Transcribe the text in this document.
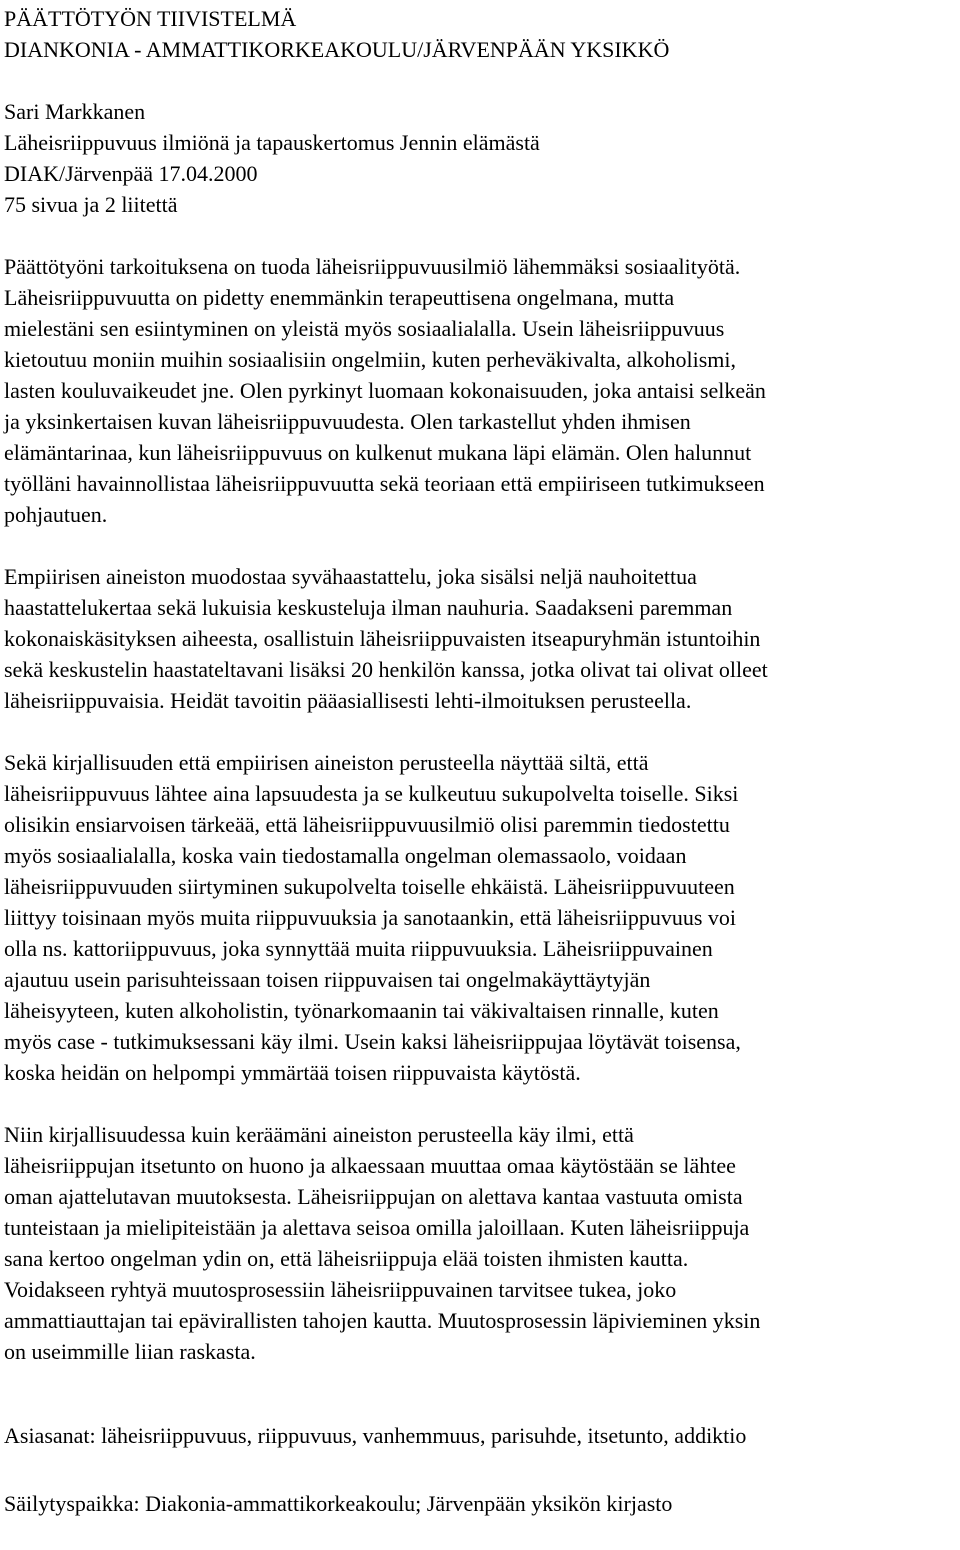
PÄÄTTÖTYÖN TIIVISTELMÄ
DIANKONIA - AMMATTIKORKEAKOULU/JÄRVENPÄÄN YKSIKKÖ
Sari Markkanen
Läheisriippuvuus ilmiönä ja tapauskertomus Jennin elämästä
DIAK/Järvenpää 17.04.2000
75 sivua ja 2 liitettä
Päättötyöni tarkoituksena on tuoda läheisriippuvuusilmiö lähemmäksi sosiaalityötä.
Läheisriippuvuutta on pidetty enemmänkin terapeuttisena ongelmana, mutta
mielestäni sen esiintyminen on yleistä myös sosiaalialalla. Usein läheisriippuvuus
kietoutuu moniin muihin sosiaalisiin ongelmiin, kuten perheväkivalta, alkoholismi,
lasten kouluvaikeudet jne. Olen pyrkinyt luomaan kokonaisuuden, joka antaisi selkeän
ja yksinkertaisen kuvan läheisriippuvuudesta. Olen tarkastellut yhden ihmisen
elämäntarinaa, kun läheisriippuvuus on kulkenut mukana läpi elämän. Olen halunnut
työlläni havainnollistaa läheisriippuvuutta sekä teoriaan että empiiriseen tutkimukseen
pohjautuen.
Empiirisen aineiston muodostaa syvähaastattelu, joka sisälsi neljä nauhoitettua
haastattelukertaa sekä lukuisia keskusteluja ilman nauhuria. Saadakseni paremman
kokonaiskäsityksen aiheesta, osallistuin läheisriippuvaisten itseapuryhmän istuntoihin
sekä keskustelin haastateltavani lisäksi 20 henkilön kanssa, jotka olivat tai olivat olleet
läheisriippuvaisia. Heidät tavoitin pääasiallisesti lehti-ilmoituksen perusteella.
Sekä kirjallisuuden että empiirisen aineiston perusteella näyttää siltä, että
läheisriippuvuus lähtee aina lapsuudesta ja se kulkeutuu sukupolvelta toiselle. Siksi
olisikin ensiarvoisen tärkeää, että läheisriippuvuusilmiö olisi paremmin tiedostettu
myös sosiaalialalla, koska vain tiedostamalla ongelman olemassaolo, voidaan
läheisriippuvuuden siirtyminen sukupolvelta toiselle ehkäistä. Läheisriippuvuuteen
liittyy toisinaan myös muita riippuvuuksia ja sanotaankin, että läheisriippuvuus voi
olla ns. kattoriippuvuus, joka synnyttää muita riippuvuuksia. Läheisriippuvainen
ajautuu usein parisuhteissaan toisen riippuvaisen tai ongelmakäyttäytyjän
läheisyyteen, kuten alkoholistin, työnarkomaanin tai väkivaltaisen rinnalle, kuten
myös case - tutkimuksessani käy ilmi. Usein kaksi läheisriippujaa löytävät toisensa,
koska heidän on helpompi ymmärtää toisen riippuvaista käytöstä.
Niin kirjallisuudessa kuin keräämäni aineiston perusteella käy ilmi, että
läheisriippujan itsetunto on huono ja alkaessaan muuttaa omaa käytöstään se lähtee
oman ajattelutavan muutoksesta. Läheisriippujan on alettava kantaa vastuuta omista
tunteistaan ja mielipiteistään ja alettava seisoa omilla jaloillaan. Kuten läheisriippuja
sana kertoo ongelman ydin on, että läheisriippuja elää toisten ihmisten kautta.
Voidakseen ryhtyä muutosprosessiin läheisriippuvainen tarvitsee tukea, joko
ammattiauttajan tai epävirallisten tahojen kautta. Muutosprosessin läpivieminen yksin
on useimmille liian raskasta.
Asiasanat: läheisriippuvuus, riippuvuus, vanhemmuus, parisuhde, itsetunto, addiktio
Säilytyspaikka: Diakonia-ammattikorkeakoulu; Järvenpään yksikön kirjasto
